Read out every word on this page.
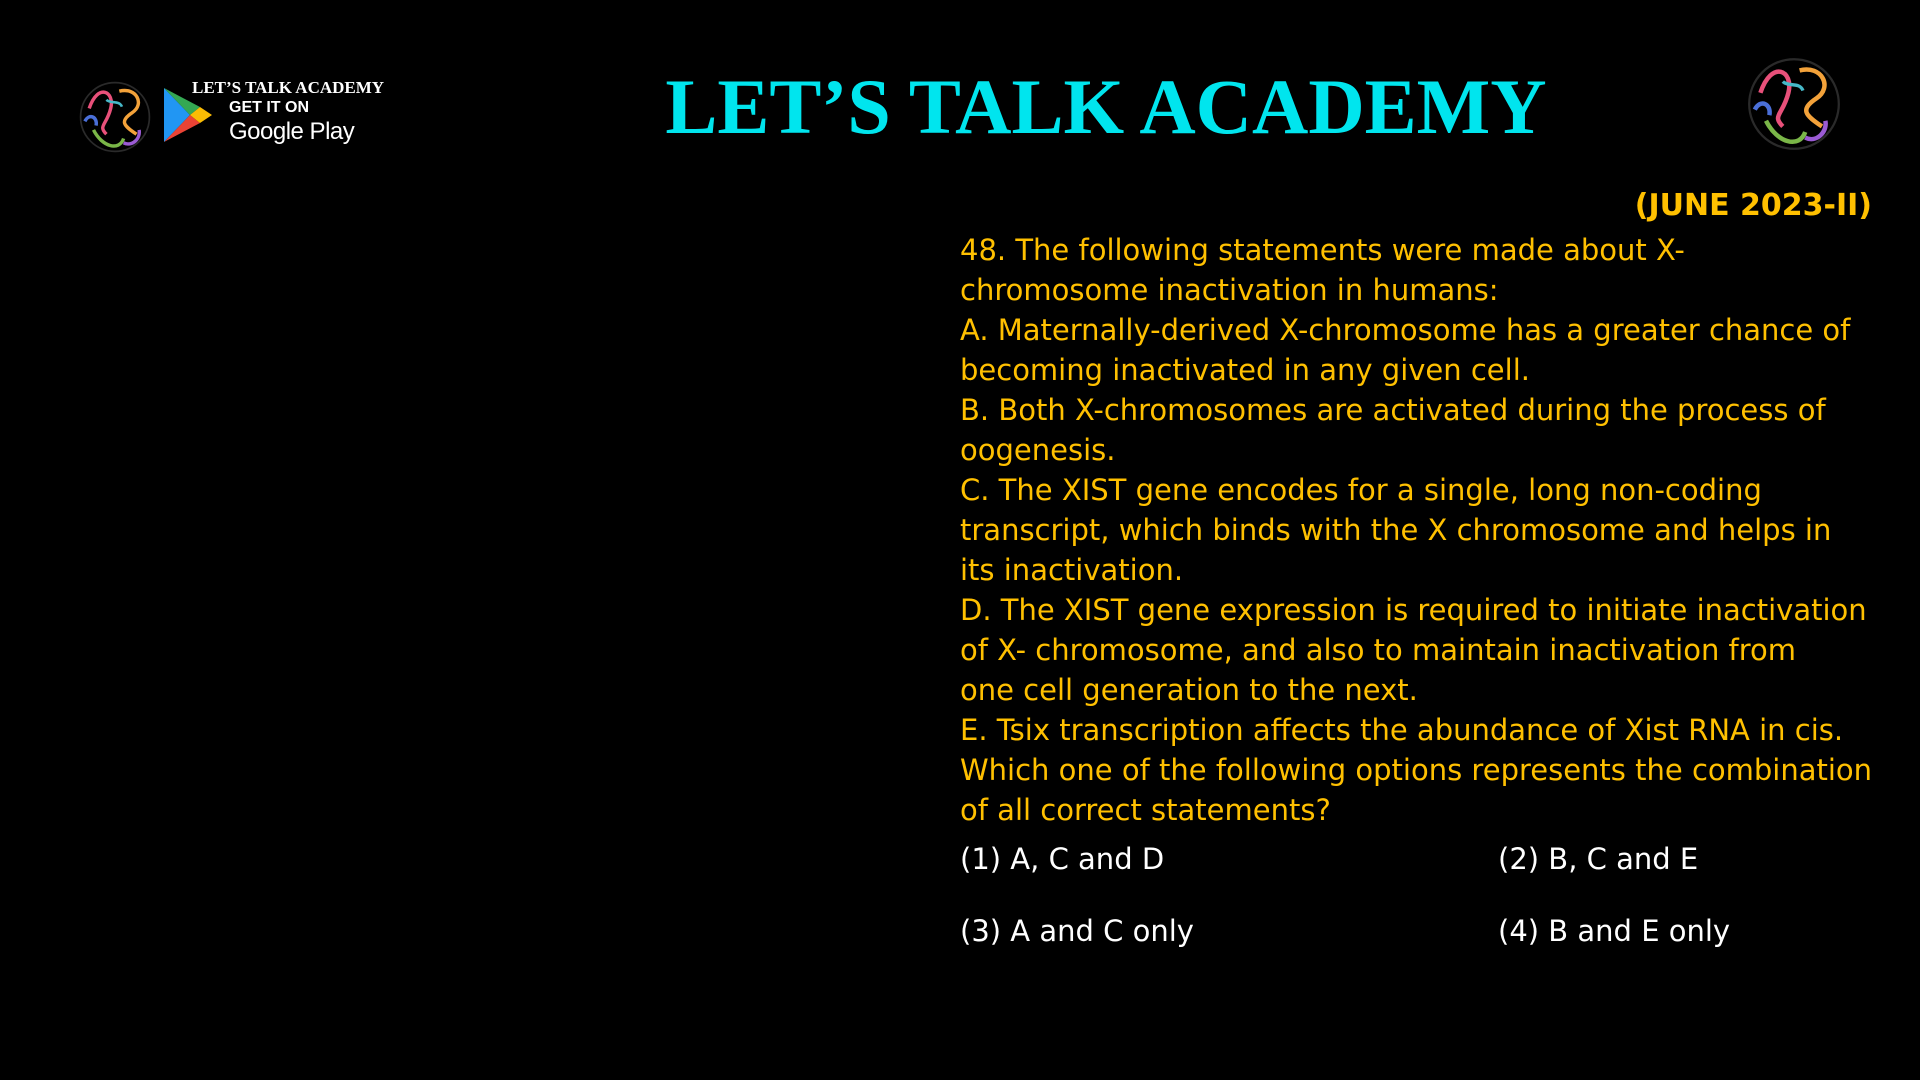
LET’S TALK ACADEMY
GET IT ON
Google Play	LET’S TALK ACADEMY
(JUNE 2023-II)
48. The following statements were made about X-
chromosome inactivation in humans:
A. Maternally-derived X-chromosome has a greater chance of
becoming inactivated in any given cell.
B. Both X-chromosomes are activated during the process of
oogenesis.
C. The XIST gene encodes for a single, long non-coding
transcript, which binds with the X chromosome and helps in
its inactivation.
D. The XIST gene expression is required to initiate inactivation
of X- chromosome, and also to maintain inactivation from
one cell generation to the next.
E. Tsix transcription affects the abundance of Xist RNA in cis.
Which one of the following options represents the combination
of all correct statements?
(1) A, C and D	(2) B, C and E
(3) A and C only	(4) B and E only
